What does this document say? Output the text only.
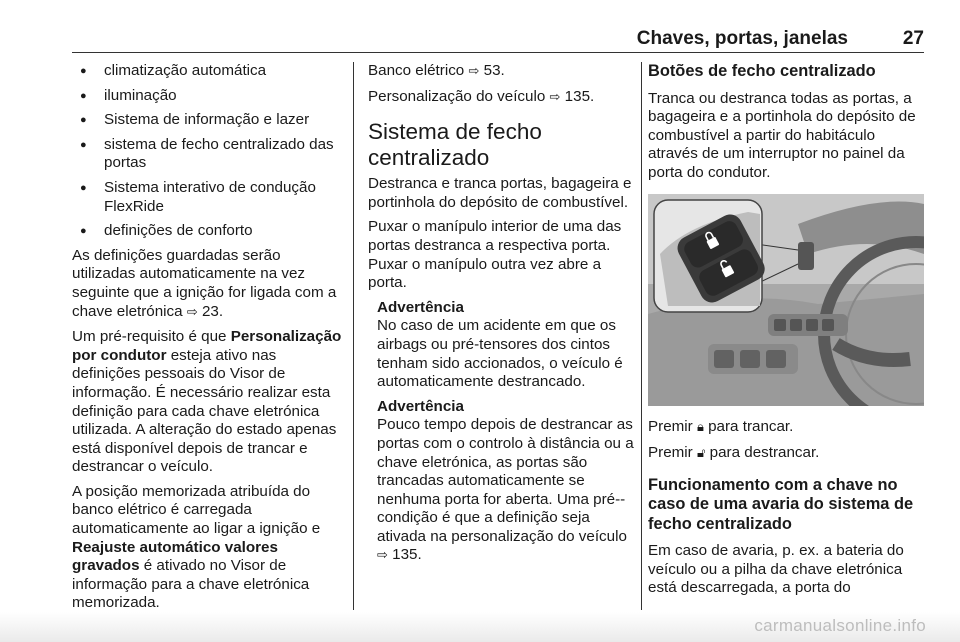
Chaves, portas, janelas	27
● climatização automática
● iluminação
● Sistema de informação e lazer
● sistema de fecho centralizado das portas
● Sistema interativo de condução FlexRide
● definições de conforto

As definições guardadas serão utilizadas automaticamente na vez seguinte que a ignição for ligada com a chave eletrónica ⇨ 23.

Um pré-requisito é que Personalização por condutor esteja ativo nas definições pessoais do Visor de informação. É necessário realizar esta definição para cada chave eletrónica utilizada. A alteração do estado apenas está disponível depois de trancar e destrancar o veículo.

A posição memorizada atribuída do banco elétrico é carregada automaticamente ao ligar a ignição e Reajuste automático valores gravados é ativado no Visor de informação para a chave eletrónica memorizada.

Banco elétrico ⇨ 53.

Personalização do veículo ⇨ 135.

Sistema de fecho centralizado

Destranca e tranca portas, bagageira e portinhola do depósito de combustível.

Puxar o manípulo interior de uma das portas destranca a respectiva porta. Puxar o manípulo outra vez abre a porta.

Advertência
No caso de um acidente em que os airbags ou pré-tensores dos cintos tenham sido accionados, o veículo é automaticamente destrancado.
Advertência
Pouco tempo depois de destrancar as portas com o controlo à distância ou a chave eletrónica, as portas são trancadas automaticamente se nenhuma porta for aberta. Uma pré--condição é que a definição seja ativada na personalização do veículo ⇨ 135.
Botões de fecho centralizado

Tranca ou destranca todas as portas, a bagageira e a portinhola do depósito de combustível a partir do habitáculo através de um interruptor no painel da porta do condutor.

Premir 🔒︎ para trancar.

Premir 🔓︎ para destrancar.

Funcionamento com a chave no caso de uma avaria do sistema de fecho centralizado

Em caso de avaria, p. ex. a bateria do veículo ou a pilha da chave eletrónica está descarregada, a porta do

carmanualsonline.info
